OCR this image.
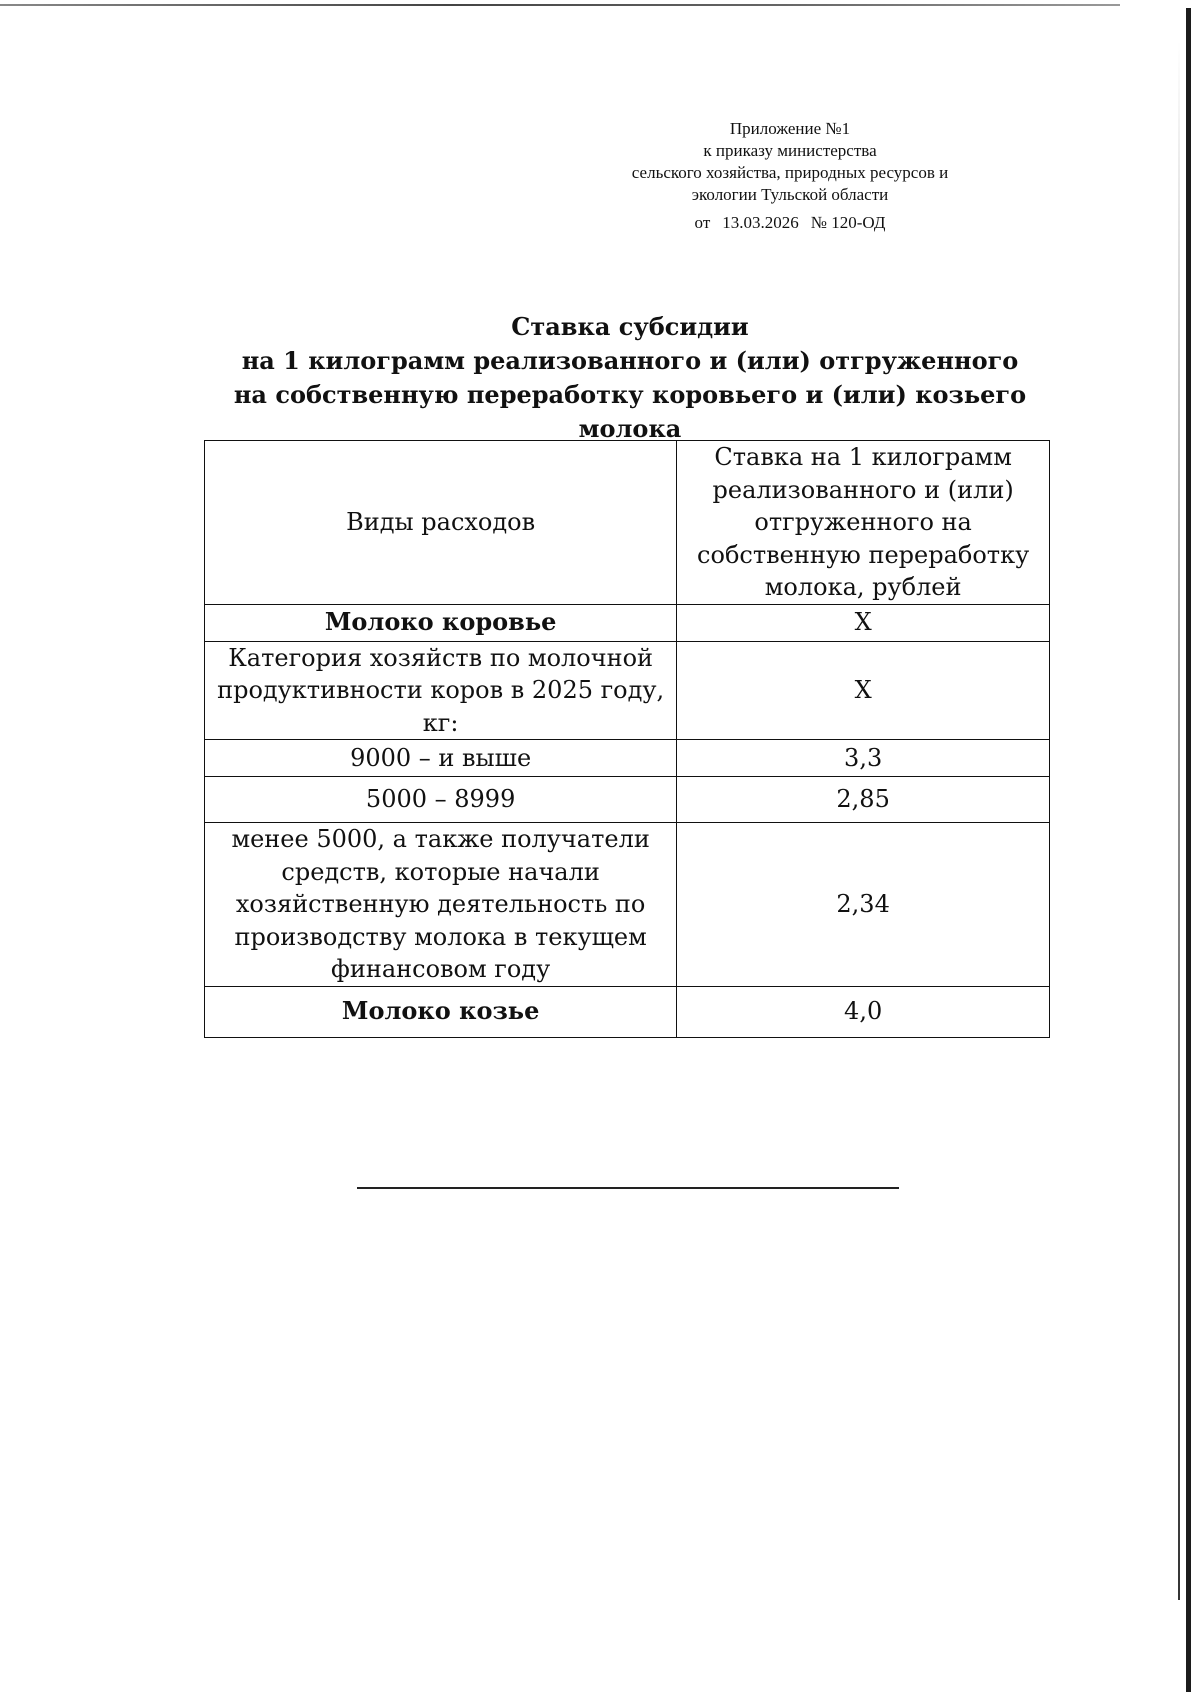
Приложение №1
к приказу министерства
сельского хозяйства, природных ресурсов и
экологии Тульской области
от 13.03.2026 № 120-ОД
Ставка субсидии
на 1 килограмм реализованного и (или) отгруженного
на собственную переработку коровьего и (или) козьего молока
Виды расходов	Ставка на 1 килограмм реализованного и (или) отгруженного на собственную переработку молока, рублей
Молоко коровье	X
Категория хозяйств по молочной продуктивности коров в 2025 году, кг:	X
9000 – и выше	3,3
5000 – 8999	2,85
менее 5000, а также получатели средств, которые начали хозяйственную деятельность по производству молока в текущем финансовом году	2,34
Молоко козье	4,0
